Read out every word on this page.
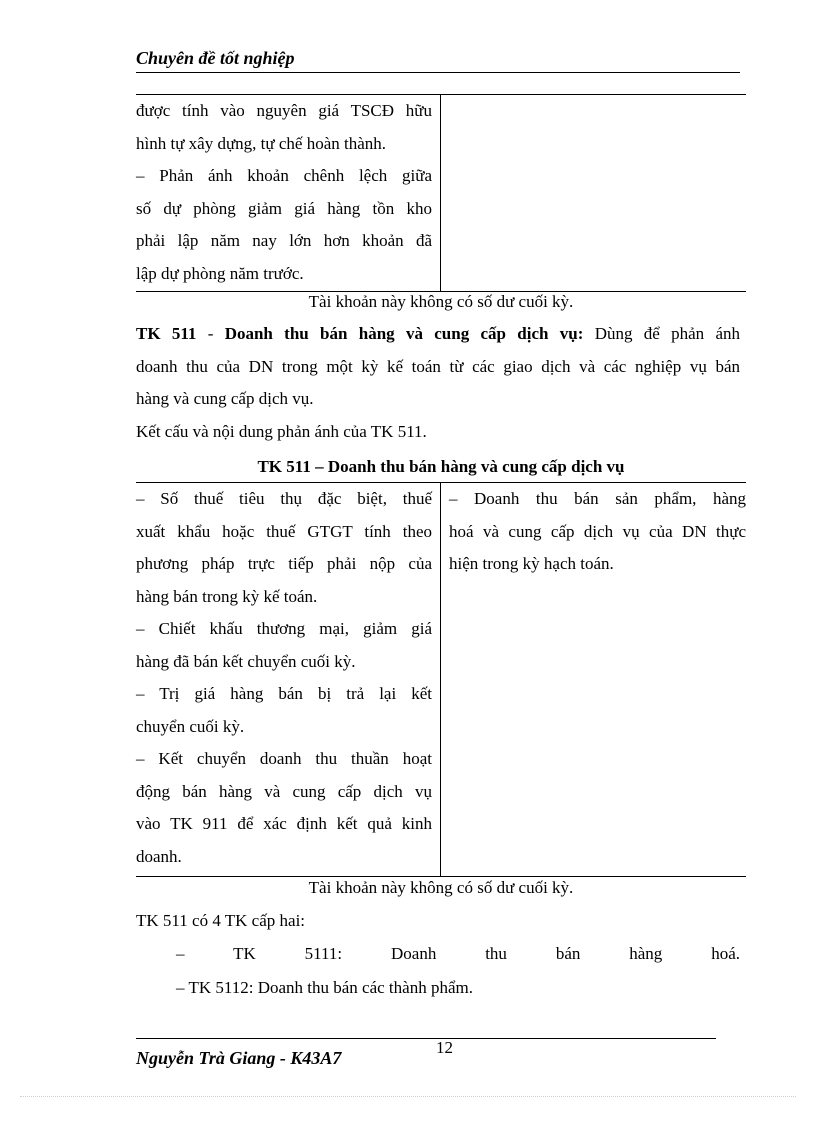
Chuyên đề tốt nghiệp
được tính vào nguyên giá TSCĐ hữu
hình tự xây dựng, tự chế hoàn thành.
– Phản ánh khoản chênh lệch giữa
số dự phòng giảm giá hàng tồn kho
phải lập năm nay lớn hơn khoản đã
lập dự phòng năm trước.
Tài khoản này không có số dư cuối kỳ.
TK 511 - Doanh thu bán hàng và cung cấp dịch vụ: Dùng để phản ánh
doanh thu của DN trong một kỳ kế toán từ các giao dịch và các nghiệp vụ bán
hàng và cung cấp dịch vụ.
Kết cấu và nội dung phản ánh của TK 511.
TK 511 – Doanh thu bán hàng và cung cấp dịch vụ
– Số thuế tiêu thụ đặc biệt, thuế
xuất khẩu hoặc thuế GTGT tính theo
phương pháp trực tiếp phải nộp của
hàng bán trong kỳ kế toán.
– Chiết khấu thương mại, giảm giá
hàng đã bán kết chuyển cuối kỳ.
– Trị giá hàng bán bị trả lại kết
chuyển cuối kỳ.
– Kết chuyển doanh thu thuần hoạt
động bán hàng và cung cấp dịch vụ
vào TK 911 để xác định kết quả kinh
doanh.
– Doanh thu bán sản phẩm, hàng
hoá và cung cấp dịch vụ của DN thực
hiện trong kỳ hạch toán.
Tài khoản này không có số dư cuối kỳ.
TK 511 có 4 TK cấp hai:
– TK 5111: Doanh thu bán hàng hoá.
– TK 5112: Doanh thu bán các thành phẩm.
12
Nguyễn Trà Giang - K43A7
